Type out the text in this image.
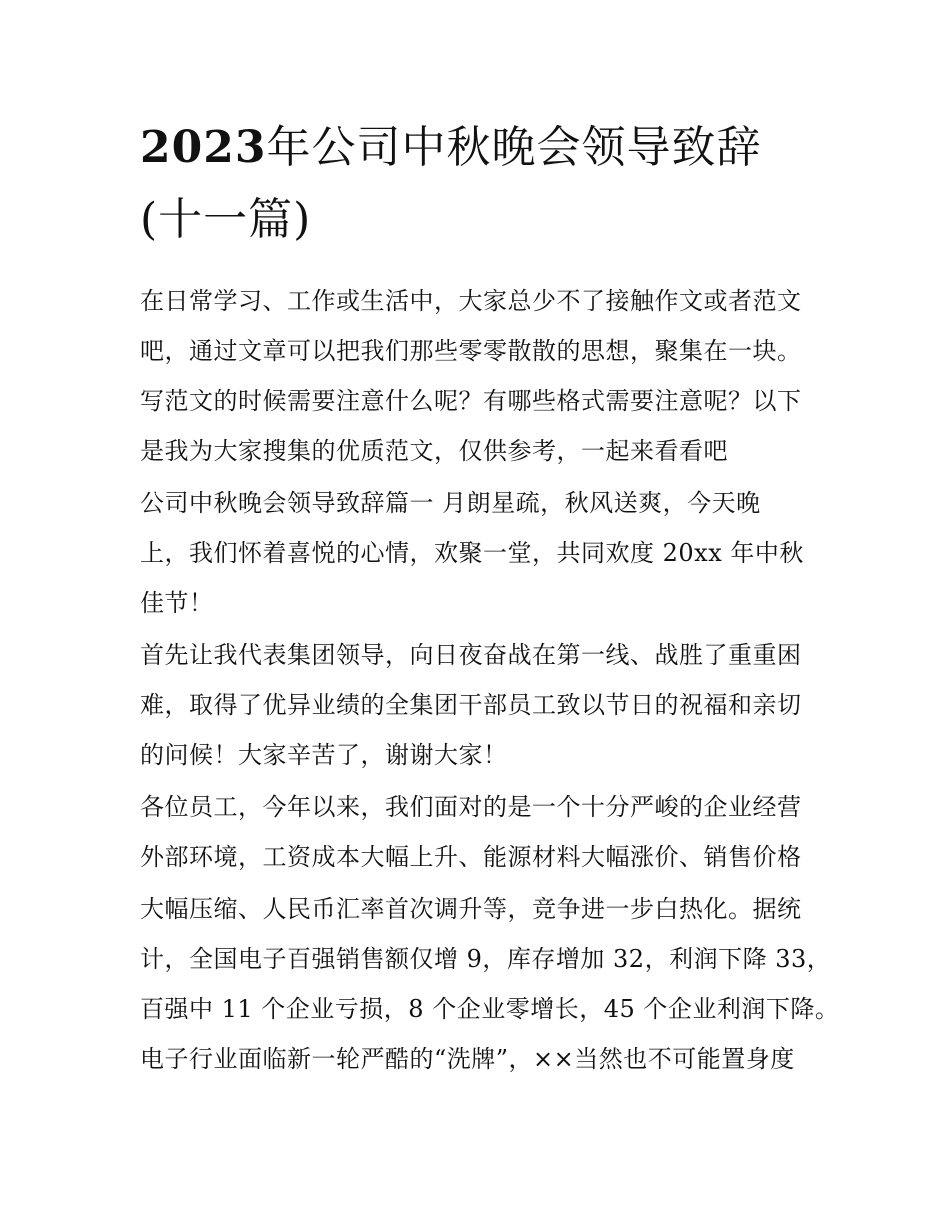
2023年公司中秋晚会领导致辞
(十一篇)

在日常学习、工作或生活中，大家总少不了接触作文或者范文

吧，通过文章可以把我们那些零零散散的思想，聚集在一块。

写范文的时候需要注意什么呢？有哪些格式需要注意呢？以下

是我为大家搜集的优质范文，仅供参考，一起来看看吧

公司中秋晚会领导致辞篇一 月朗星疏，秋风送爽，今天晚

上，我们怀着喜悦的心情，欢聚一堂，共同欢度 20xx 年中秋

佳节！

首先让我代表集团领导，向日夜奋战在第一线、战胜了重重困

难，取得了优异业绩的全集团干部员工致以节日的祝福和亲切

的问候！大家辛苦了，谢谢大家！

各位员工，今年以来，我们面对的是一个十分严峻的企业经营

外部环境，工资成本大幅上升、能源材料大幅涨价、销售价格

大幅压缩、人民币汇率首次调升等，竞争进一步白热化。据统

计，全国电子百强销售额仅增 9，库存增加 32，利润下降 33，

百强中 11 个企业亏损，8 个企业零增长，45 个企业利润下降。

电子行业面临新一轮严酷的“洗牌”，××当然也不可能置身度
